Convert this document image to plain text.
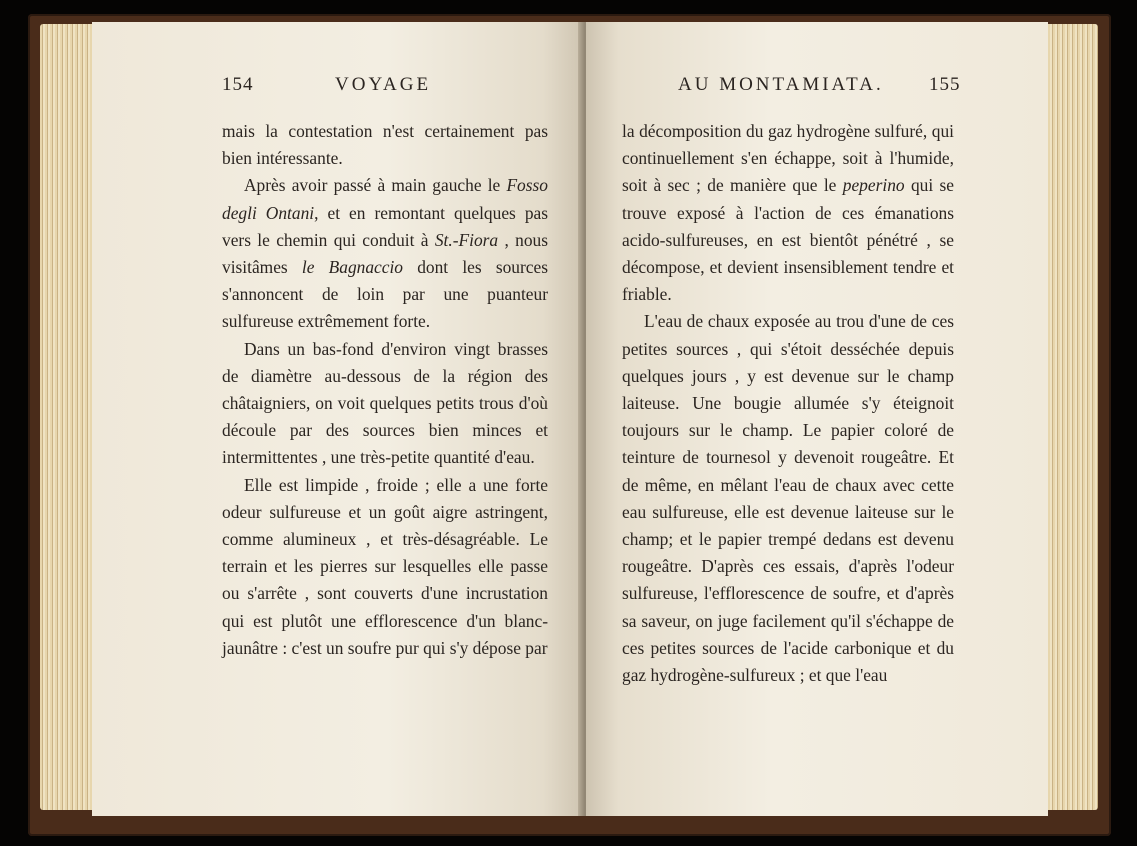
154	VOYAGE

mais la contestation n'est certainement pas bien intéressante.

Après avoir passé à main gauche le Fosso degli Ontani, et en remontant quelques pas vers le chemin qui conduit à St.-Fiora , nous visitâmes le Bagnaccio dont les sources s'annoncent de loin par une puanteur sulfureuse extrêmement forte.

Dans un bas-fond d'environ vingt brasses de diamètre au-dessous de la région des châtaigniers, on voit quelques petits trous d'où découle par des sources bien minces et intermittentes , une très-petite quantité d'eau.

Elle est limpide , froide ; elle a une forte odeur sulfureuse et un goût aigre astringent, comme alumineux , et très-désagréable. Le terrain et les pierres sur lesquelles elle passe ou s'arrête , sont couverts d'une incrustation qui est plutôt une efflorescence d'un blanc-jaunâtre : c'est un soufre pur qui s'y dépose par

AU MONTAMIATA. 155

la décomposition du gaz hydrogène sulfuré, qui continuellement s'en échappe, soit à l'humide, soit à sec ; de manière que le peperino qui se trouve exposé à l'action de ces émanations acido-sulfureuses, en est bientôt pénétré , se décompose, et devient insensiblement tendre et friable.

L'eau de chaux exposée au trou d'une de ces petites sources , qui s'étoit desséchée depuis quelques jours , y est devenue sur le champ laiteuse. Une bougie allumée s'y éteignoit toujours sur le champ. Le papier coloré de teinture de tournesol y devenoit rougeâtre. Et de même, en mêlant l'eau de chaux avec cette eau sulfureuse, elle est devenue laiteuse sur le champ; et le papier trempé dedans est devenu rougeâtre. D'après ces essais, d'après l'odeur sulfureuse, l'efflorescence de soufre, et d'après sa saveur, on juge facilement qu'il s'échappe de ces petites sources de l'acide carbonique et du gaz hydrogène-sulfureux ; et que l'eau
